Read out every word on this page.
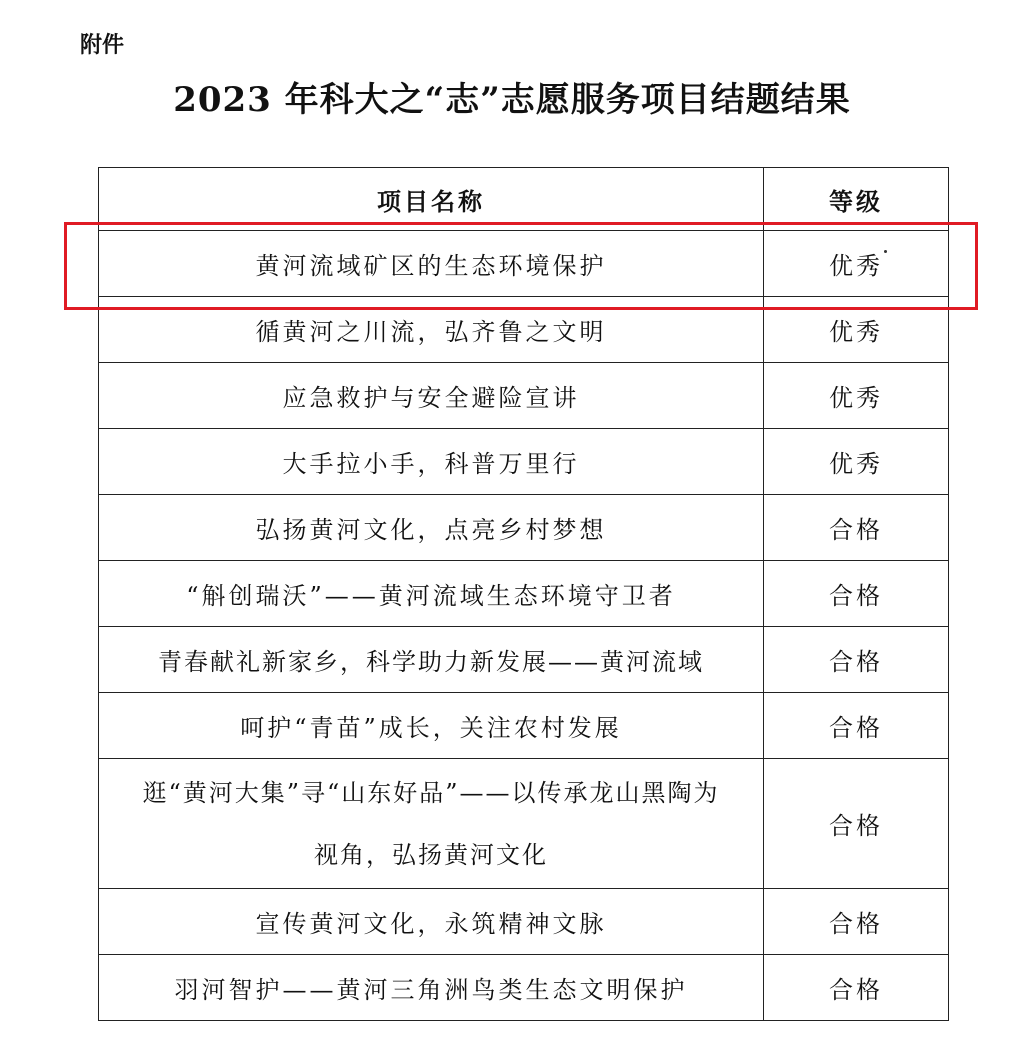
附件
2023 年科大之“志”志愿服务项目结题结果
项目名称	等级
黄河流域矿区的生态环境保护	优秀
循黄河之川流，弘齐鲁之文明	优秀
应急救护与安全避险宣讲	优秀
大手拉小手，科普万里行	优秀
弘扬黄河文化，点亮乡村梦想	合格
“斛创瑞沃”——黄河流域生态环境守卫者	合格
青春献礼新家乡，科学助力新发展——黄河流域	合格
呵护“青苗”成长，关注农村发展	合格

逛“黄河大集”寻“山东好品”——以传承龙山黑陶为
视角，弘扬黄河文化	合格
宣传黄河文化，永筑精神文脉	合格
羽河智护——黄河三角洲鸟类生态文明保护	合格
